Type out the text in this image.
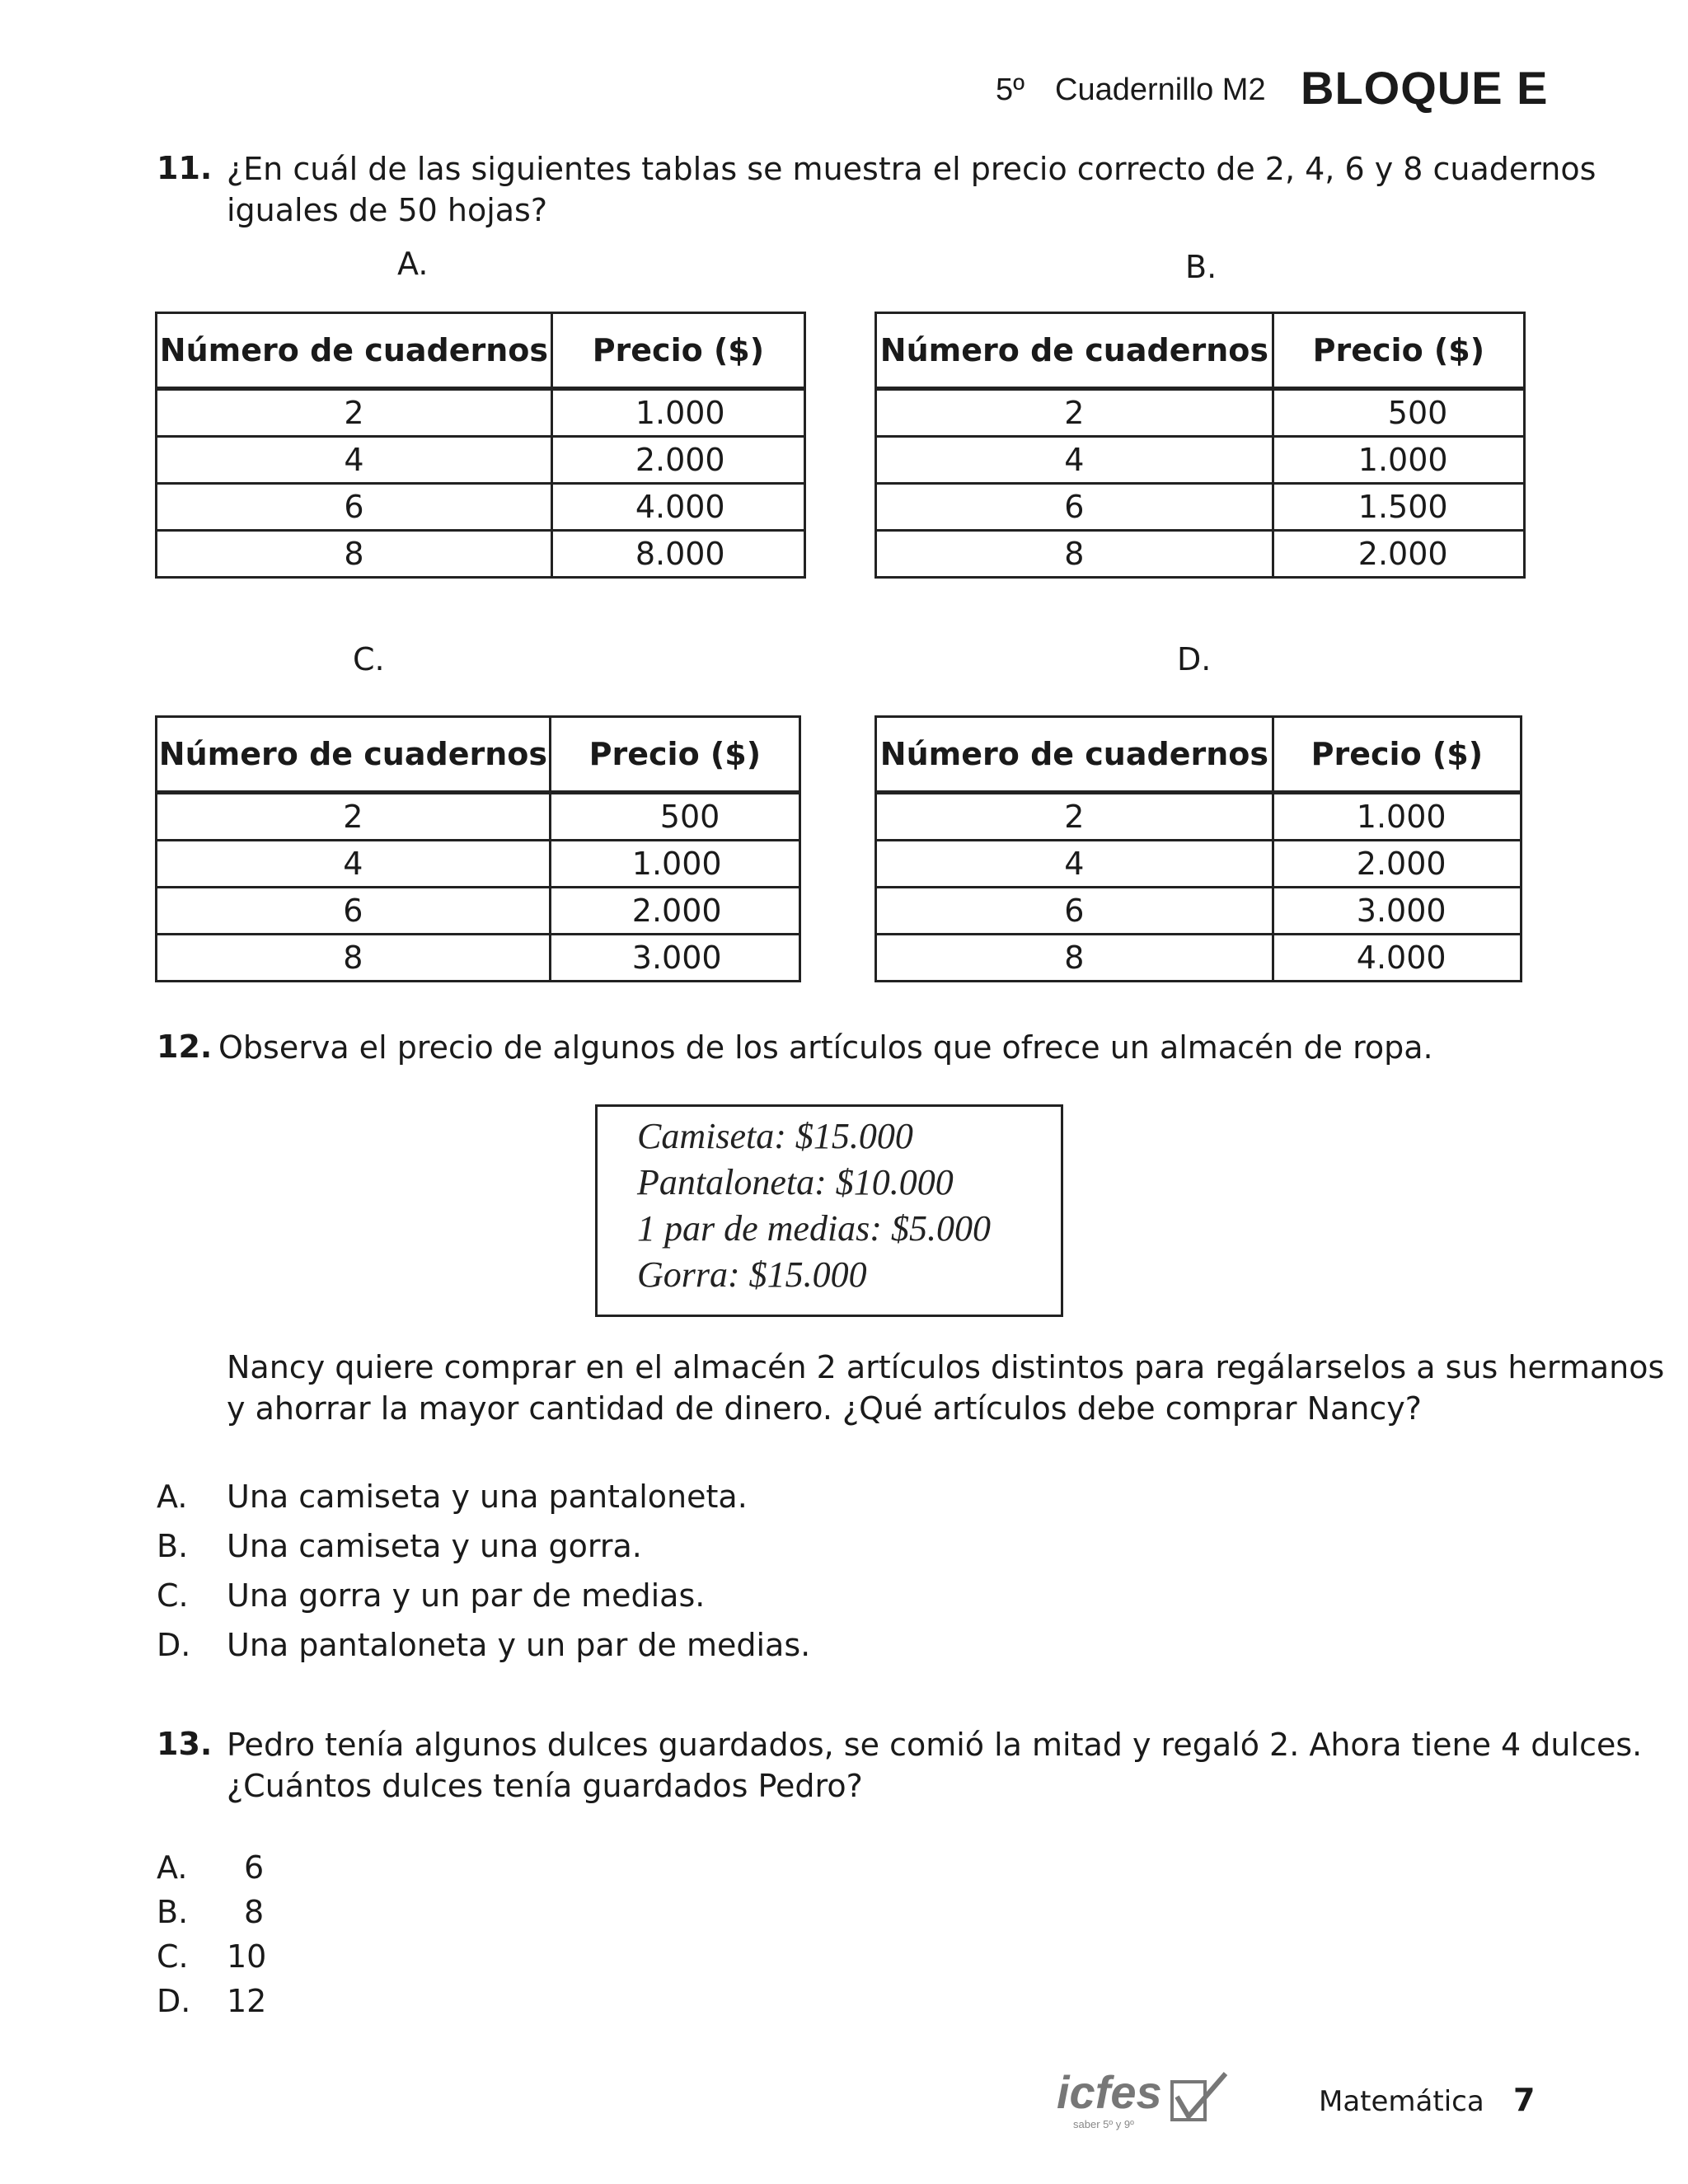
5º Cuadernillo M2 BLOQUE E
11. ¿En cuál de las siguientes tablas se muestra el precio correcto de 2, 4, 6 y 8 cuadernos
iguales de 50 hojas?
A.	B.
C.	D.
Número de cuadernos	Precio ($)
2	1.000
4	2.000
6	4.000
8	8.000
Número de cuadernos	Precio ($)
2	500
4	1.000
6	1.500
8	2.000
Número de cuadernos	Precio ($)
2	500
4	1.000
6	2.000
8	3.000
Número de cuadernos	Precio ($)
2	1.000
4	2.000
6	3.000
8	4.000
12. Observa el precio de algunos de los artículos que ofrece un almacén de ropa.
Camiseta: $15.000
Pantaloneta: $10.000
1 par de medias: $5.000
Gorra: $15.000
Nancy quiere comprar en el almacén 2 artículos distintos para regálarselos a sus hermanos
y ahorrar la mayor cantidad de dinero. ¿Qué artículos debe comprar Nancy?
A. Una camiseta y una pantaloneta.
B. Una camiseta y una gorra.
C. Una gorra y un par de medias.
D. Una pantaloneta y un par de medias.
13. Pedro tenía algunos dulces guardados, se comió la mitad y regaló 2. Ahora tiene 4 dulces.
¿Cuántos dulces tenía guardados Pedro?
A. 6
B. 8
C. 10
D. 12
icfes
saber 5º y 9º
Matemática 7
